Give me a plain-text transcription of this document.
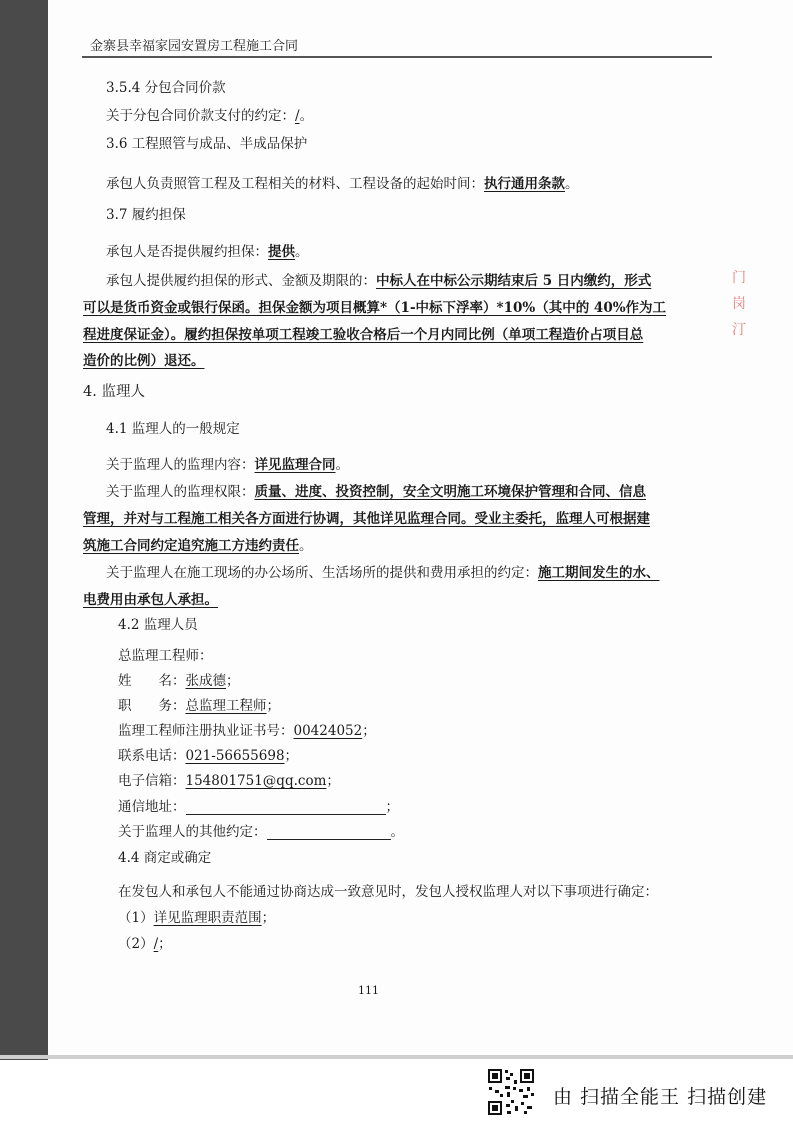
金寨县幸福家园安置房工程施工合同
3.5.4 分包合同价款
关于分包合同价款支付的约定：/。
3.6 工程照管与成品、半成品保护
承包人负责照管工程及工程相关的材料、工程设备的起始时间：执行通用条款。
3.7 履约担保
承包人是否提供履约担保：提供。
承包人提供履约担保的形式、金额及期限的：中标人在中标公示期结束后 5 日内缴约，形式
可以是货币资金或银行保函。担保金额为项目概算*（1-中标下浮率）*10%（其中的 40%作为工
程进度保证金）。履约担保按单项工程竣工验收合格后一个月内同比例（单项工程造价占项目总
造价的比例）退还。
4. 监理人
4.1 监理人的一般规定
关于监理人的监理内容：详见监理合同。
关于监理人的监理权限：质量、进度、投资控制，安全文明施工环境保护管理和合同、信息
管理，并对与工程施工相关各方面进行协调，其他详见监理合同。受业主委托，监理人可根据建
筑施工合同约定追究施工方违约责任。
关于监理人在施工现场的办公场所、生活场所的提供和费用承担的约定：施工期间发生的水、
电费用由承包人承担。
4.2 监理人员
总监理工程师：
姓　　名：张成德；
职　　务：总监理工程师；
监理工程师注册执业证书号：00424052；
联系电话：021-56655698；
电子信箱：154801751@qq.com；
通信地址：	；
关于监理人的其他约定：	。
4.4 商定或确定
在发包人和承包人不能通过协商达成一致意见时，发包人授权监理人对以下事项进行确定：
（1）详见监理职责范围；
（2）/；
门
岗
汀
111
由 扫描全能王 扫描创建
